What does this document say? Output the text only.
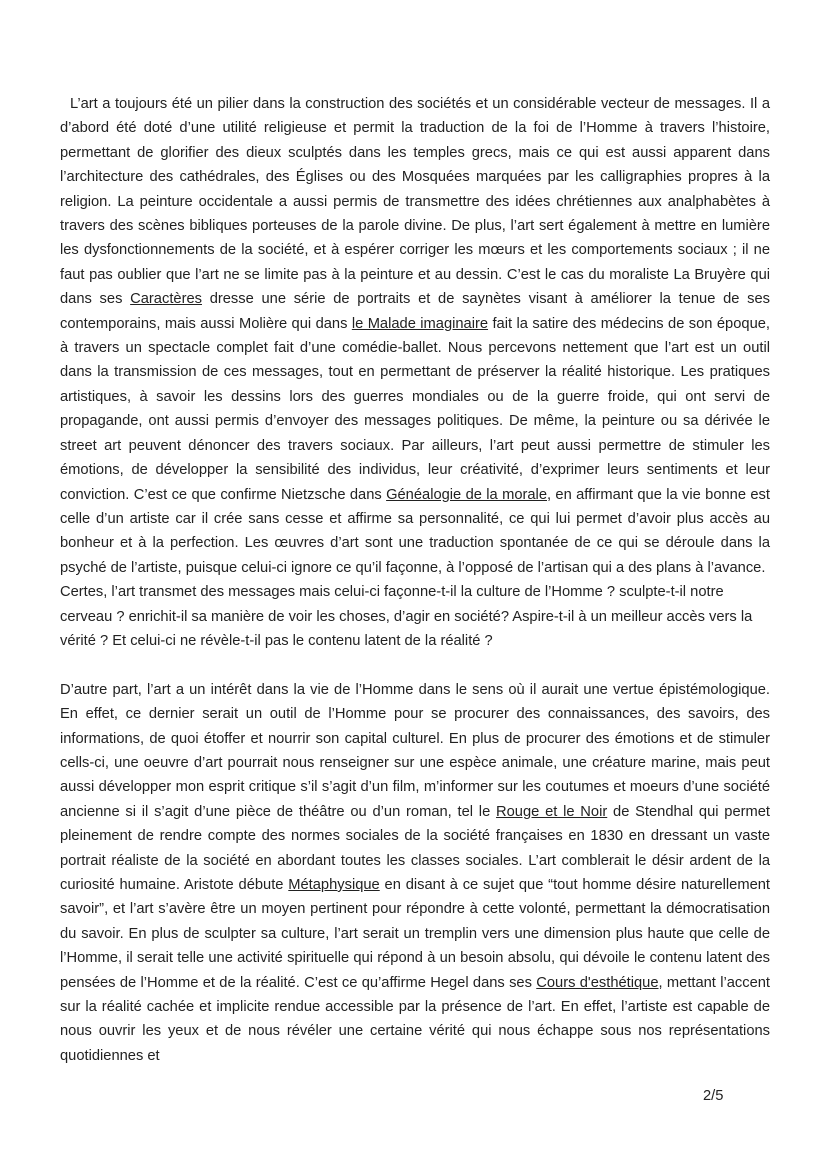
L’art a toujours été un pilier dans la construction des sociétés et un considérable vecteur de messages. Il a d’abord été doté d’une utilité religieuse et permit la traduction de la foi de l’Homme à travers l’histoire, permettant de glorifier des dieux sculptés dans les temples grecs, mais ce qui est aussi apparent dans l’architecture des cathédrales, des Églises ou des Mosquées marquées par les calligraphies propres à la religion. La peinture occidentale a aussi permis de transmettre des idées chrétiennes aux analphabètes à travers des scènes bibliques porteuses de la parole divine. De plus, l’art sert également à mettre en lumière les dysfonctionnements de la société, et à espérer corriger les mœurs et les comportements sociaux ; il ne faut pas oublier que l’art ne se limite pas à la peinture et au dessin. C’est le cas du moraliste La Bruyère qui dans ses Caractères dresse une série de portraits et de saynètes visant à améliorer la tenue de ses contemporains, mais aussi Molière qui dans le Malade imaginaire fait la satire des médecins de son époque, à travers un spectacle complet fait d’une comédie-ballet. Nous percevons nettement que l’art est un outil dans la transmission de ces messages, tout en permettant de préserver la réalité historique. Les pratiques artistiques, à savoir les dessins lors des guerres mondiales ou de la guerre froide, qui ont servi de propagande, ont aussi permis d’envoyer des messages politiques. De même, la peinture ou sa dérivée le street art peuvent dénoncer des travers sociaux. Par ailleurs, l’art peut aussi permettre de stimuler les émotions, de développer la sensibilité des individus, leur créativité, d’exprimer leurs sentiments et leur conviction. C’est ce que confirme Nietzsche dans Généalogie de la morale, en affirmant que la vie bonne est celle d’un artiste car il crée sans cesse et affirme sa personnalité, ce qui lui permet d’avoir plus accès au bonheur et à la perfection. Les œuvres d’art sont une traduction spontanée de ce qui se déroule dans la psyché de l’artiste, puisque celui-ci ignore ce qu’il façonne, à l’opposé de l’artisan qui a des plans à l’avance.

Certes, l’art transmet des messages mais celui-ci façonne-t-il la culture de l’Homme ? sculpte-t-il notre cerveau ? enrichit-il sa manière de voir les choses, d’agir en société? Aspire-t-il à un meilleur accès vers la vérité ? Et celui-ci ne révèle-t-il pas le contenu latent de la réalité ?

D’autre part, l’art a un intérêt dans la vie de l’Homme dans le sens où il aurait une vertue épistémologique. En effet, ce dernier serait un outil de l’Homme pour se procurer des connaissances, des savoirs, des informations, de quoi étoffer et nourrir son capital culturel. En plus de procurer des émotions et de stimuler cells-ci, une oeuvre d’art pourrait nous renseigner sur une espèce animale, une créature marine, mais peut aussi développer mon esprit critique s’il s’agit d’un film, m’informer sur les coutumes et moeurs d’une société ancienne si il s’agit d’une pièce de théâtre ou d’un roman, tel le Rouge et le Noir de Stendhal qui permet pleinement de rendre compte des normes sociales de la société françaises en 1830 en dressant un vaste portrait réaliste de la société en abordant toutes les classes sociales. L’art comblerait le désir ardent de la curiosité humaine. Aristote débute Métaphysique en disant à ce sujet que “tout homme désire naturellement savoir”, et l’art s’avère être un moyen pertinent pour répondre à cette volonté, permettant la démocratisation du savoir. En plus de sculpter sa culture, l’art serait un tremplin vers une dimension plus haute que celle de l’Homme, il serait telle une activité spirituelle qui répond à un besoin absolu, qui dévoile le contenu latent des pensées de l’Homme et de la réalité. C’est ce qu’affirme Hegel dans ses Cours d'esthétique, mettant l’accent sur la réalité cachée et implicite rendue accessible par la présence de l’art. En effet, l’artiste est capable de nous ouvrir les yeux et de nous révéler une certaine vérité qui nous échappe sous nos représentations quotidiennes et

2/5
